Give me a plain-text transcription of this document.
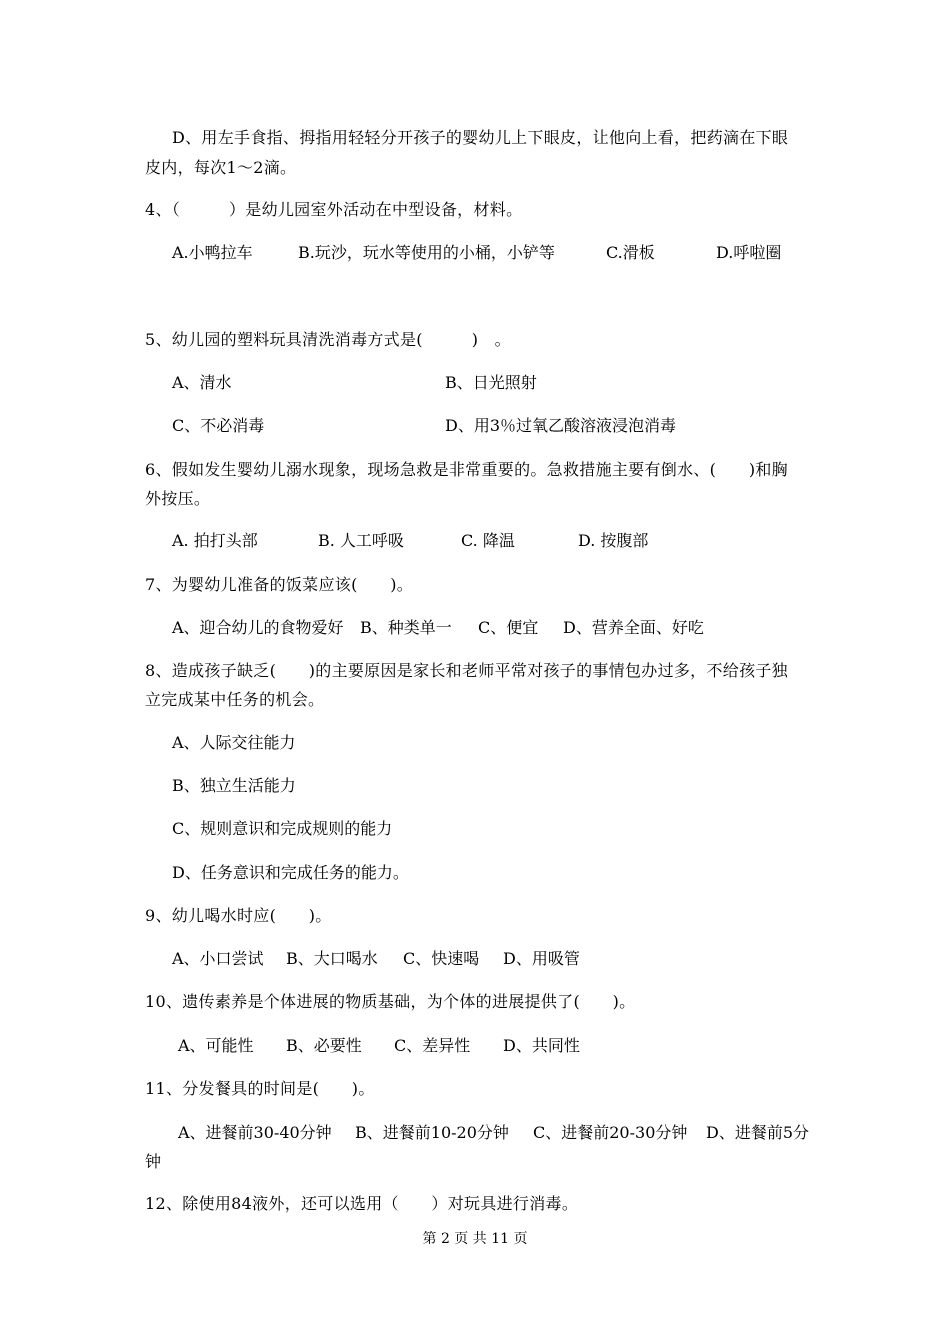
D、用左手食指、拇指用轻轻分开孩子的婴幼儿上下眼皮，让他向上看，把药滴在下眼
皮内，每次1～2滴。
4、（　　　）是幼儿园室外活动在中型设备，材料。
A.小鸭拉车	B.玩沙，玩水等使用的小桶，小铲等	C.滑板	D.呼啦圈
5、幼儿园的塑料玩具清洗消毒方式是(　　　)　。
A、清水	B、日光照射
C、不必消毒	D、用3％过氧乙酸溶液浸泡消毒
6、假如发生婴幼儿溺水现象，现场急救是非常重要的。急救措施主要有倒水、(　　)和胸
外按压。
A. 拍打头部	B. 人工呼吸	C. 降温	D. 按腹部
7、为婴幼儿准备的饭菜应该(　　)。
A、迎合幼儿的食物爱好 B、种类单一 C、便宜 D、营养全面、好吃
8、造成孩子缺乏(　　)的主要原因是家长和老师平常对孩子的事情包办过多，不给孩子独
立完成某中任务的机会。
A、人际交往能力
B、独立生活能力
C、规则意识和完成规则的能力
D、任务意识和完成任务的能力。
9、幼儿喝水时应(　　)。
A、小口尝试 B、大口喝水 C、快速喝 D、用吸管
10、遗传素养是个体进展的物质基础，为个体的进展提供了(　　)。
A、可能性 B、必要性 C、差异性 D、共同性
11、分发餐具的时间是(　　)。
A、进餐前30-40分钟 B、进餐前10-20分钟 C、进餐前20-30分钟 D、进餐前5分
钟
12、除使用84液外，还可以选用（　　）对玩具进行消毒。
第 2 页 共 11 页
